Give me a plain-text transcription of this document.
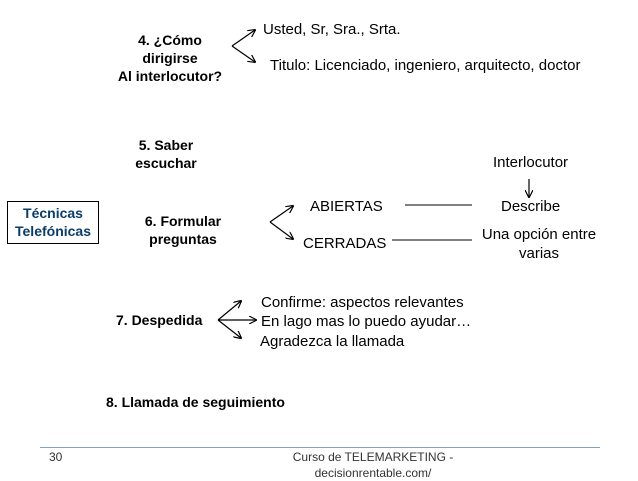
Técnicas
Telefónicas
4. ¿Cómo
dirigirse
Al interlocutor?
Usted, Sr, Sra., Srta.
Titulo: Licenciado, ingeniero, arquitecto, doctor
5. Saber
escuchar
6. Formular
preguntas
ABIERTAS
CERRADAS
Interlocutor
Describe
Una opción entre
varias
7. Despedida
Confirme: aspectos relevantes
En lago mas lo puedo ayudar…
Agradezca la llamada
8. Llamada de seguimiento
30	Curso de TELEMARKETING -
decisionrentable.com/
